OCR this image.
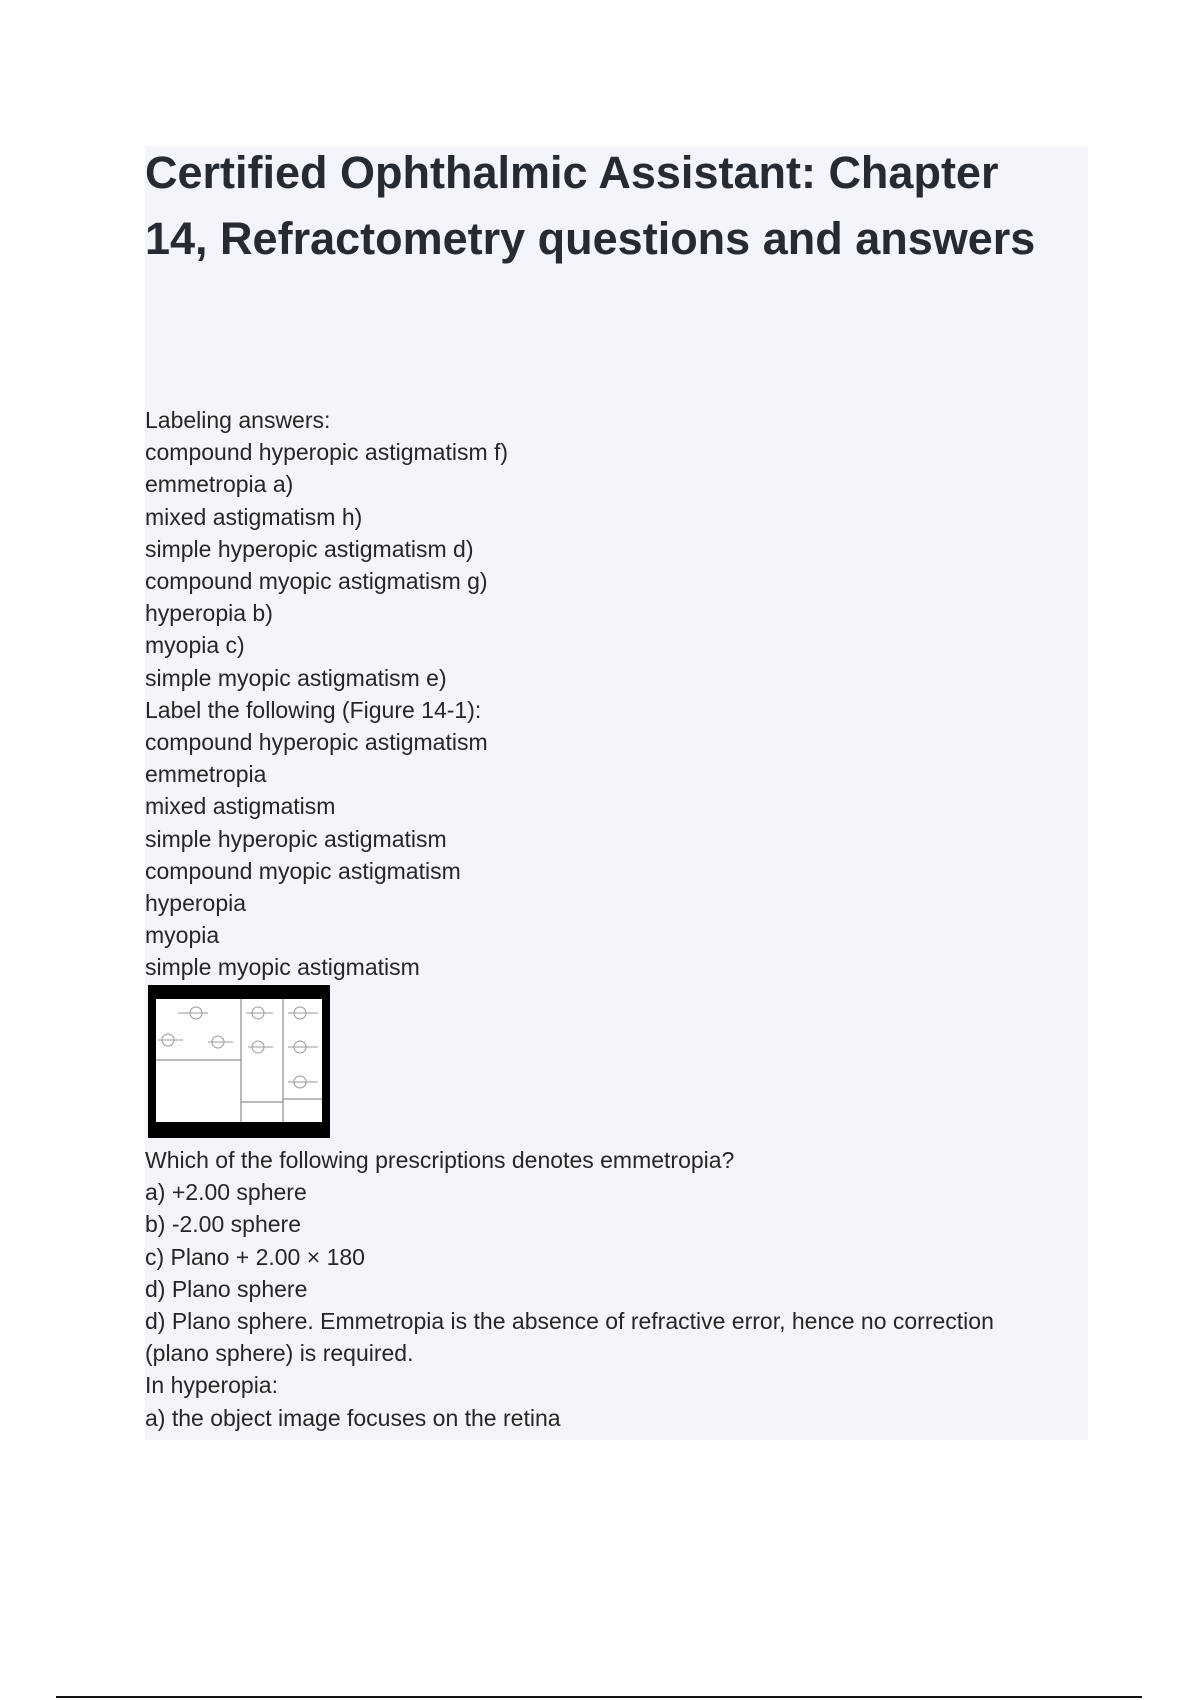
Certified Ophthalmic Assistant: Chapter 14, Refractometry questions and answers
Labeling answers:
compound hyperopic astigmatism f)
emmetropia a)
mixed astigmatism h)
simple hyperopic astigmatism d)
compound myopic astigmatism g)
hyperopia b)
myopia c)
simple myopic astigmatism e)
Label the following (Figure 14-1):
compound hyperopic astigmatism
emmetropia
mixed astigmatism
simple hyperopic astigmatism
compound myopic astigmatism
hyperopia
myopia
simple myopic astigmatism
Figure 14-1
Which of the following prescriptions denotes emmetropia?
a) +2.00 sphere
b) -2.00 sphere
c) Plano + 2.00 × 180
d) Plano sphere
d) Plano sphere. Emmetropia is the absence of refractive error, hence no correction
(plano sphere) is required.
In hyperopia:
a) the object image focuses on the retina
